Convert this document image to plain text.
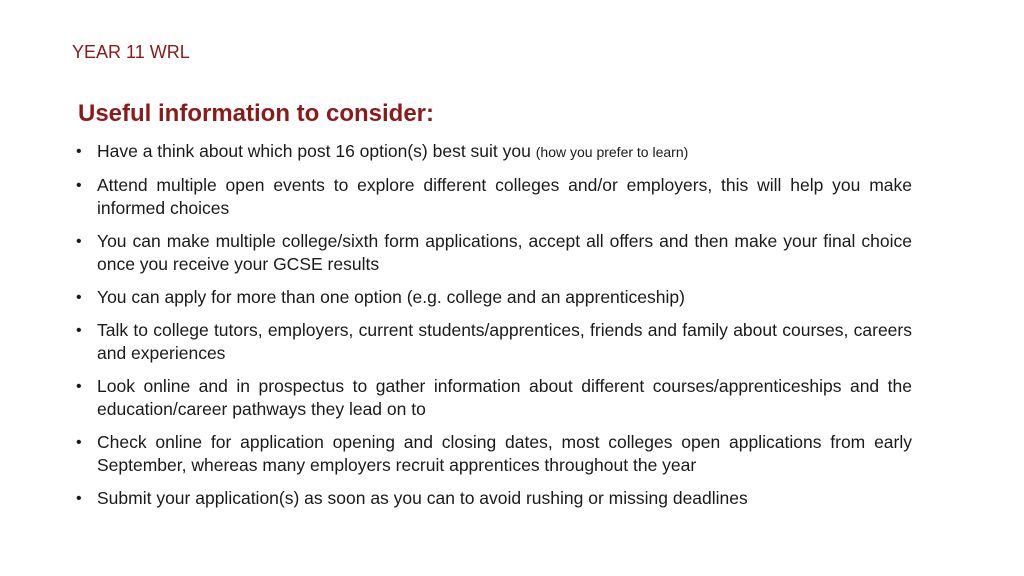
YEAR 11 WRL
Useful information to consider:
• Have a think about which post 16 option(s) best suit you (how you prefer to learn)
• Attend multiple open events to explore different colleges and/or employers, this will help you make informed choices
• You can make multiple college/sixth form applications, accept all offers and then make your final choice once you receive your GCSE results
• You can apply for more than one option (e.g. college and an apprenticeship)
• Talk to college tutors, employers, current students/apprentices, friends and family about courses, careers and experiences
• Look online and in prospectus to gather information about different courses/apprenticeships and the education/career pathways they lead on to
• Check online for application opening and closing dates, most colleges open applications from early September, whereas many employers recruit apprentices throughout the year
• Submit your application(s) as soon as you can to avoid rushing or missing deadlines
